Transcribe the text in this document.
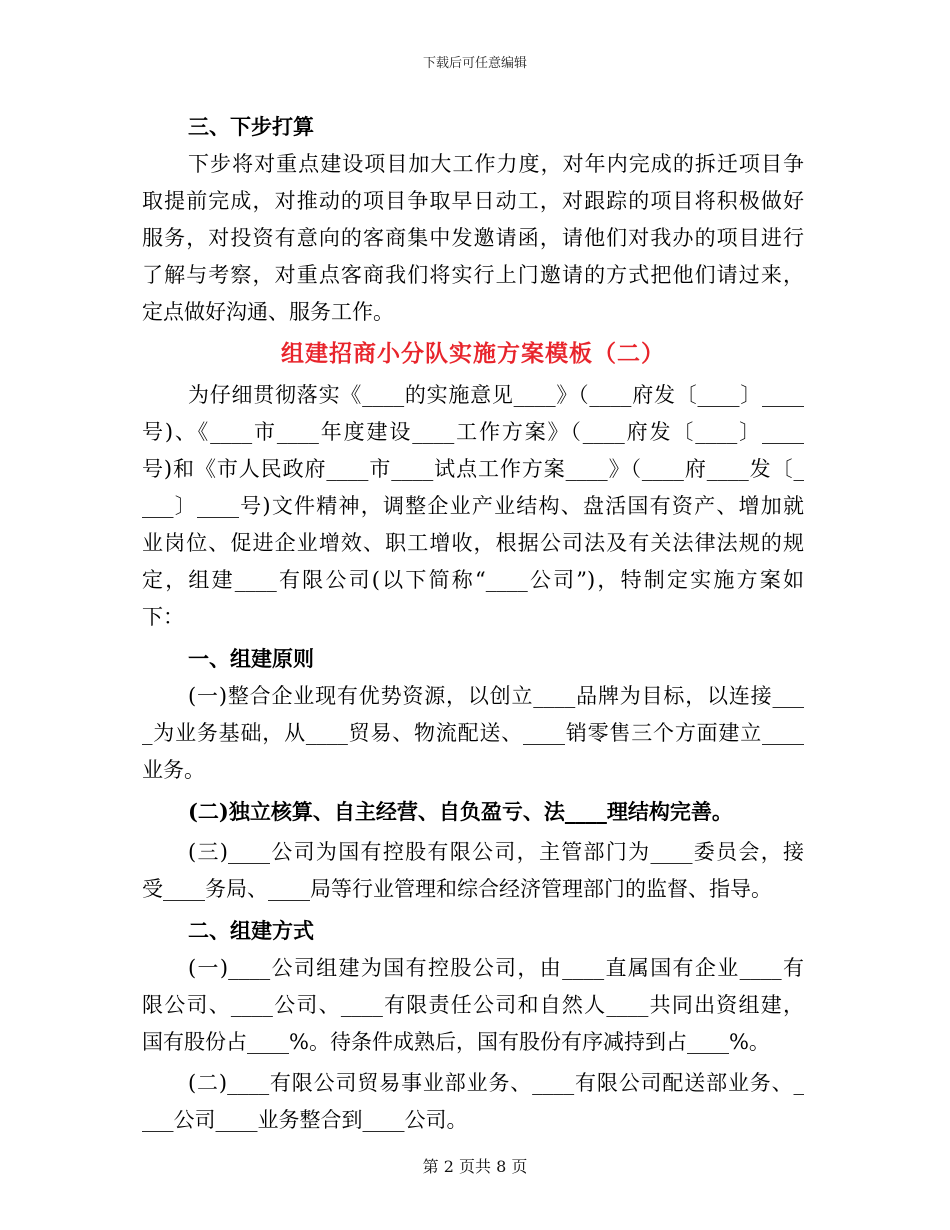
下载后可任意编辑
三、下步打算
下步将对重点建设项目加大工作力度，对年内完成的拆迁项目争
取提前完成，对推动的项目争取早日动工，对跟踪的项目将积极做好
服务，对投资有意向的客商集中发邀请函，请他们对我办的项目进行
了解与考察，对重点客商我们将实行上门邀请的方式把他们请过来，
定点做好沟通、服务工作。
组建招商小分队实施方案模板（二）
为仔细贯彻落实《____的实施意见____》（____府发〔____〕____
号)、《____市____年度建设____工作方案》（____府发〔____〕____
号)和《市人民政府____市____试点工作方案____》（____府____发〔_
___〕____号)文件精神，调整企业产业结构、盘活国有资产、增加就
业岗位、促进企业增效、职工增收，根据公司法及有关法律法规的规
定，组建____有限公司(以下简称“____公司”)，特制定实施方案如
下：
一、组建原则
(一)整合企业现有优势资源，以创立____品牌为目标，以连接___
_为业务基础，从____贸易、物流配送、____销零售三个方面建立____
业务。
(二)独立核算、自主经营、自负盈亏、法____理结构完善。
(三)____公司为国有控股有限公司，主管部门为____委员会，接
受____务局、____局等行业管理和综合经济管理部门的监督、指导。
二、组建方式
(一)____公司组建为国有控股公司，由____直属国有企业____有
限公司、____公司、____有限责任公司和自然人____共同出资组建，
国有股份占____%。待条件成熟后，国有股份有序减持到占____%。
(二)____有限公司贸易事业部业务、____有限公司配送部业务、_
___公司____业务整合到____公司。
第 2 页共 8 页
